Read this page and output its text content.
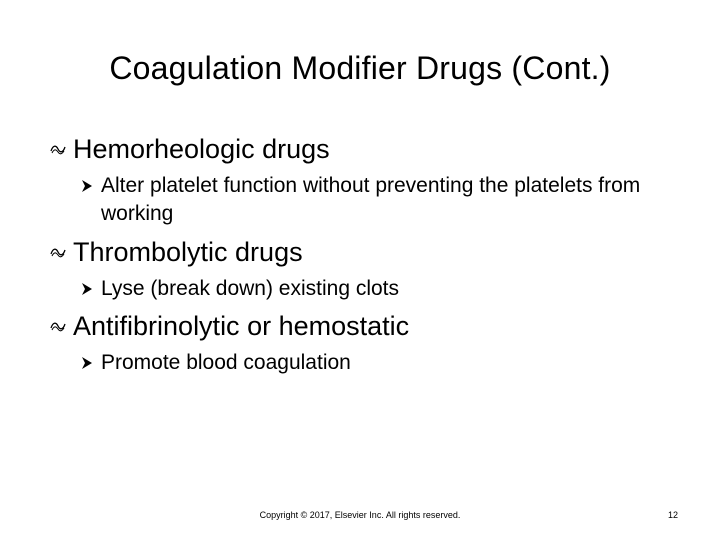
Coagulation Modifier Drugs (Cont.)
Hemorheologic drugs
Alter platelet function without preventing the platelets from working
Thrombolytic drugs
Lyse (break down) existing clots
Antifibrinolytic or hemostatic
Promote blood coagulation
Copyright © 2017, Elsevier Inc. All rights reserved.	12
